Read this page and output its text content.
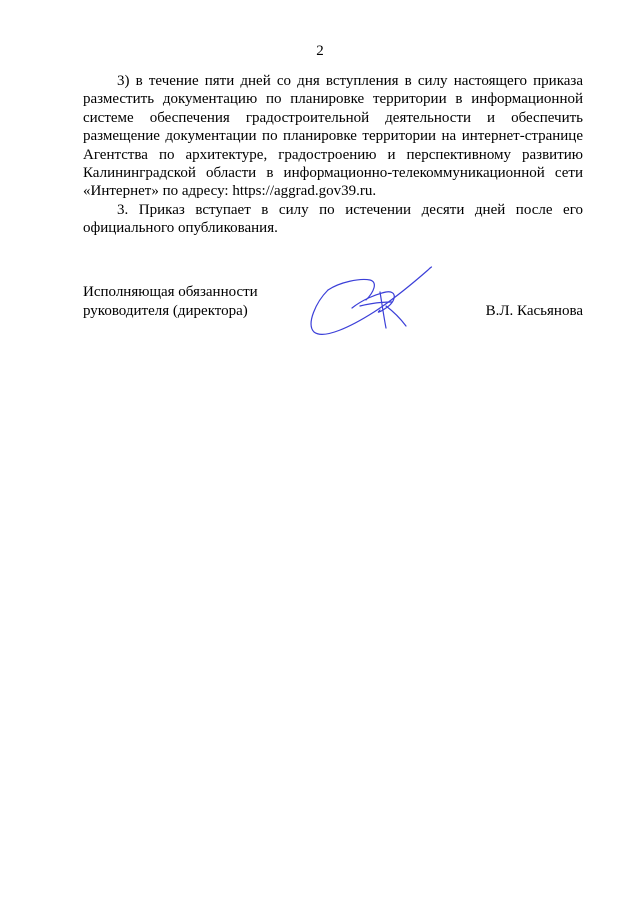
2

3) в течение пяти дней со дня вступления в силу настоящего приказа
разместить документацию по планировке территории в информационной
системе обеспечения градостроительной деятельности и обеспечить
размещение документации по планировке территории на интернет-странице
Агентства по архитектуре, градостроению и перспективному развитию
Калининградской области в информационно-телекоммуникационной сети
«Интернет» по адресу: https://aggrad.gov39.ru.

3. Приказ вступает в силу по истечении десяти дней после его
официального опубликования.

Исполняющая обязанности
руководителя (директора)	В.Л. Касьянова
